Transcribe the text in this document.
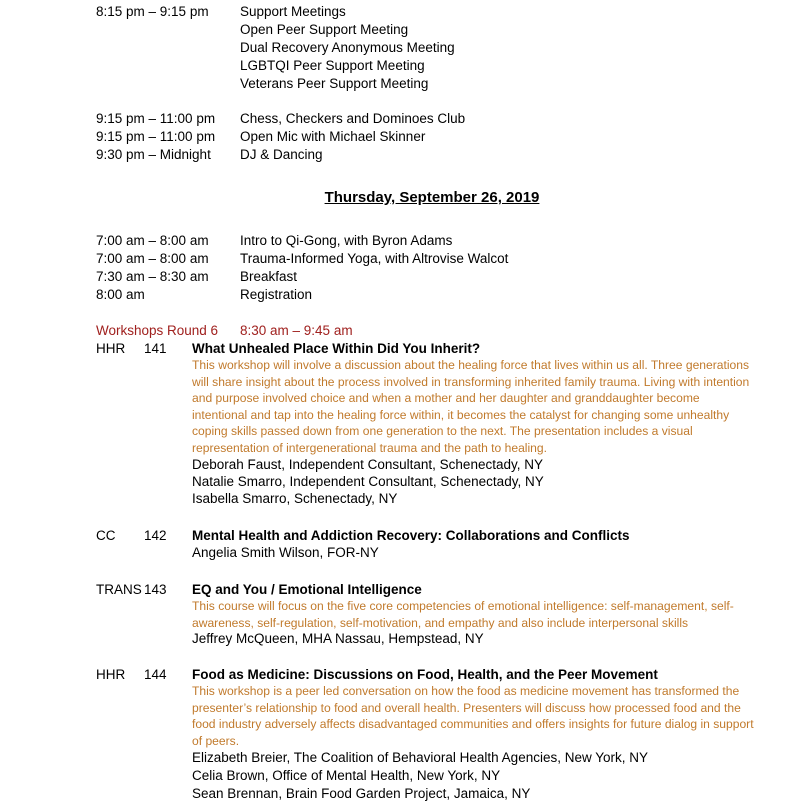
8:15 pm – 9:15 pm Support Meetings
Open Peer Support Meeting
Dual Recovery Anonymous Meeting
LGBTQI Peer Support Meeting
Veterans Peer Support Meeting
9:15 pm – 11:00 pm Chess, Checkers and Dominoes Club
9:15 pm – 11:00 pm Open Mic with Michael Skinner
9:30 pm – Midnight DJ & Dancing
Thursday, September 26, 2019
7:00 am – 8:00 am Intro to Qi-Gong, with Byron Adams
7:00 am – 8:00 am Trauma-Informed Yoga, with Altrovise Walcot
7:30 am – 8:30 am Breakfast
8:00 am	Registration
Workshops Round 6 8:30 am – 9:45 am
HHR 141 What Unhealed Place Within Did You Inherit?
This workshop will involve a discussion about the healing force that lives within us all. Three generations
will share insight about the process involved in transforming inherited family trauma. Living with intention
and purpose involved choice and when a mother and her daughter and granddaughter become
intentional and tap into the healing force within, it becomes the catalyst for changing some unhealthy
coping skills passed down from one generation to the next. The presentation includes a visual
representation of intergenerational trauma and the path to healing.
Deborah Faust, Independent Consultant, Schenectady, NY
Natalie Smarro, Independent Consultant, Schenectady, NY
Isabella Smarro, Schenectady, NY
CC 142 Mental Health and Addiction Recovery: Collaborations and Conflicts
Angelia Smith Wilson, FOR-NY
TRANS 143 EQ and You / Emotional Intelligence
This course will focus on the five core competencies of emotional intelligence: self-management, self-
awareness, self-regulation, self-motivation, and empathy and also include interpersonal skills
Jeffrey McQueen, MHA Nassau, Hempstead, NY
HHR 144 Food as Medicine: Discussions on Food, Health, and the Peer Movement
This workshop is a peer led conversation on how the food as medicine movement has transformed the
presenter’s relationship to food and overall health. Presenters will discuss how processed food and the
food industry adversely affects disadvantaged communities and offers insights for future dialog in support
of peers.
Elizabeth Breier, The Coalition of Behavioral Health Agencies, New York, NY
Celia Brown, Office of Mental Health, New York, NY
Sean Brennan, Brain Food Garden Project, Jamaica, NY
